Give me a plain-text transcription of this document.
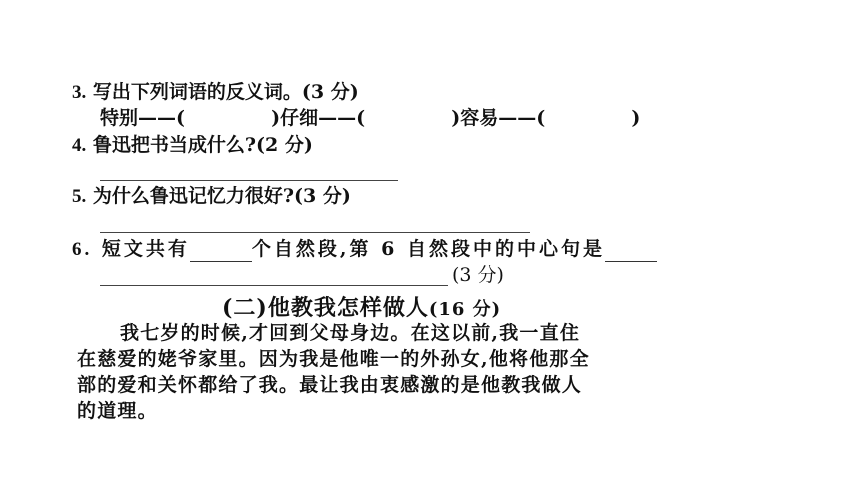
3. 写出下列词语的反义词。(3 分)
特别——(          )仔细——(          )容易——(          )
4. 鲁迅把书当成什么?(2 分)
5. 为什么鲁迅记忆力很好?(3 分)
6. 短文共有	个自然段,第 6 自然段中的中心句是
(3 分)
(二)他教我怎样做人(16 分)
我七岁的时候,才回到父母身边。在这以前,我一直住
在慈爱的姥爷家里。因为我是他唯一的外孙女,他将他那全
部的爱和关怀都给了我。最让我由衷感激的是他教我做人
的道理。
